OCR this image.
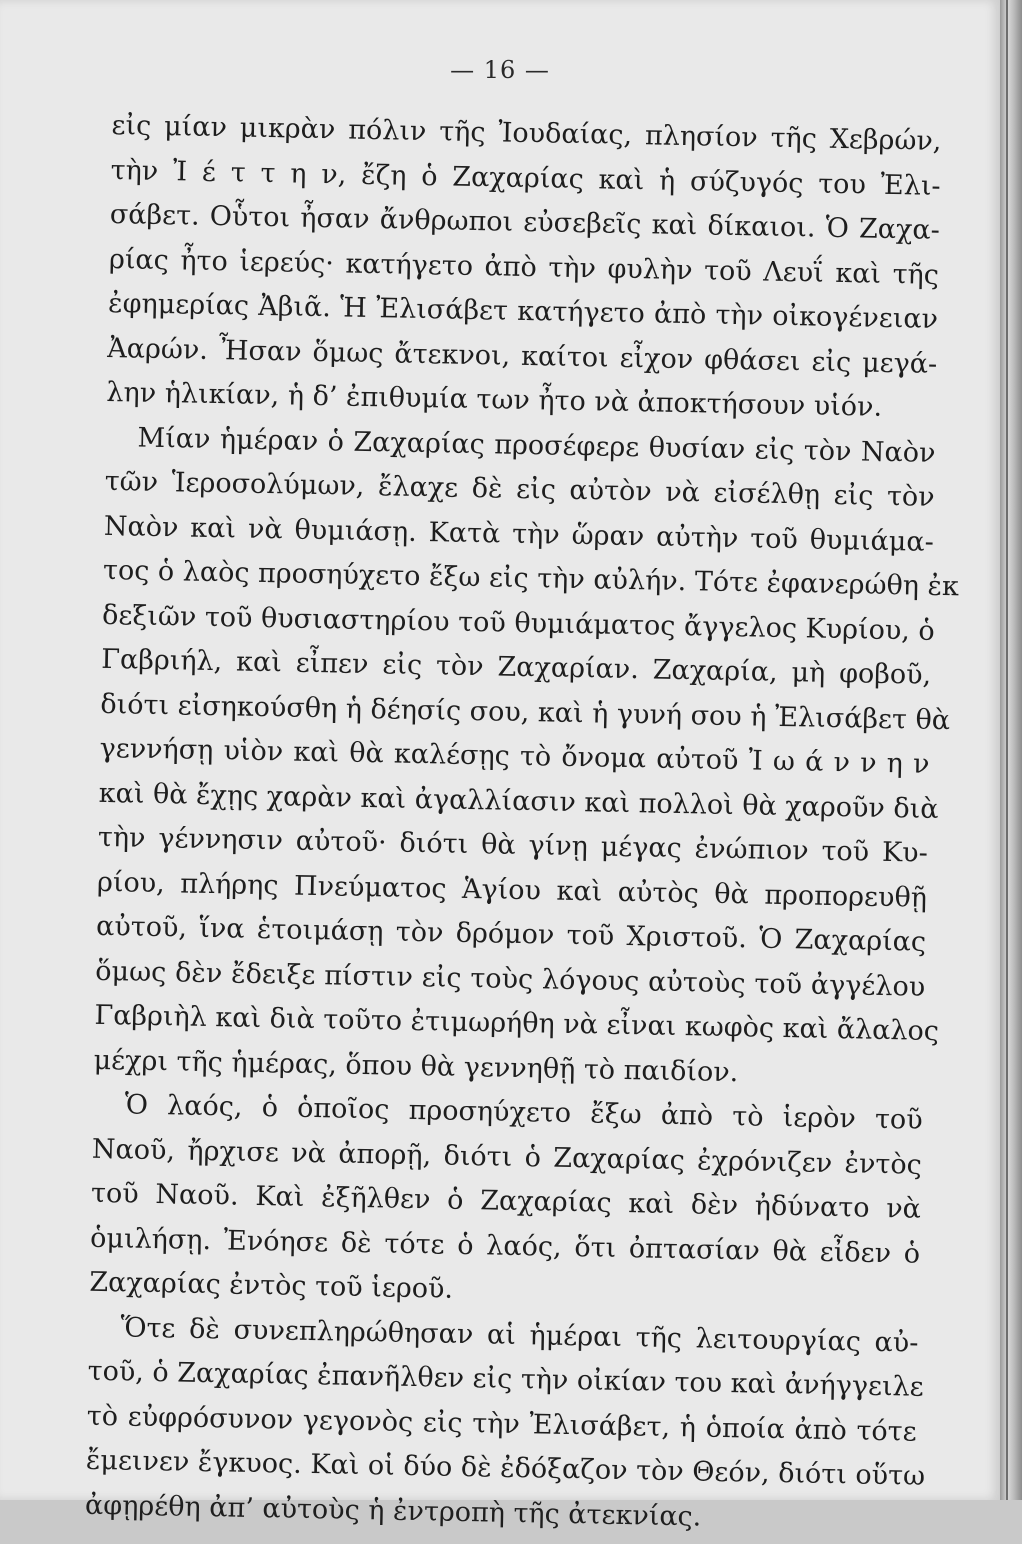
— 16 —
εἰς μίαν μικρὰν πόλιν τῆς Ἰουδαίας, πλησίον τῆς Χεβρών,
τὴν Ἰ έ τ τ η ν, ἔζη ὁ Ζαχαρίας καὶ ἡ σύζυγός του Ἐλι-
σάβετ. Οὗτοι ἦσαν ἄνθρωποι εὐσεβεῖς καὶ δίκαιοι. Ὁ Ζαχα-
ρίας ἦτο ἱερεύς· κατήγετο ἀπὸ τὴν φυλὴν τοῦ Λευΐ καὶ τῆς
ἐφημερίας Ἀβιᾶ. Ἡ Ἐλισάβετ κατήγετο ἀπὸ τὴν οἰκογένειαν
Ἀαρών. Ἦσαν ὅμως ἄτεκνοι, καίτοι εἶχον φθάσει εἰς μεγά-
λην ἡλικίαν, ἡ δ’ ἐπιθυμία των ἦτο νὰ ἀποκτήσουν υἱόν.
Μίαν ἡμέραν ὁ Ζαχαρίας προσέφερε θυσίαν εἰς τὸν Ναὸν
τῶν Ἱεροσολύμων, ἔλαχε δὲ εἰς αὐτὸν νὰ εἰσέλθῃ εἰς τὸν
Ναὸν καὶ νὰ θυμιάσῃ. Κατὰ τὴν ὥραν αὐτὴν τοῦ θυμιάμα-
τος ὁ λαὸς προσηύχετο ἔξω εἰς τὴν αὐλήν. Τότε ἐφανερώθη ἐκ
δεξιῶν τοῦ θυσιαστηρίου τοῦ θυμιάματος ἄγγελος Κυρίου, ὁ
Γαβριήλ, καὶ εἶπεν εἰς τὸν Ζαχαρίαν. Ζαχαρία, μὴ φοβοῦ,
διότι εἰσηκούσθη ἡ δέησίς σου, καὶ ἡ γυνή σου ἡ Ἐλισάβετ θὰ
γεννήσῃ υἱὸν καὶ θὰ καλέσῃς τὸ ὄνομα αὐτοῦ Ἰ ω ά ν ν η ν
καὶ θὰ ἔχῃς χαρὰν καὶ ἀγαλλίασιν καὶ πολλοὶ θὰ χαροῦν διὰ
τὴν γέννησιν αὐτοῦ· διότι θὰ γίνῃ μέγας ἐνώπιον τοῦ Κυ-
ρίου, πλήρης Πνεύματος Ἁγίου καὶ αὐτὸς θὰ προπορευθῇ
αὐτοῦ, ἵνα ἑτοιμάσῃ τὸν δρόμον τοῦ Χριστοῦ. Ὁ Ζαχαρίας
ὅμως δὲν ἔδειξε πίστιν εἰς τοὺς λόγους αὐτοὺς τοῦ ἀγγέλου
Γαβριὴλ καὶ διὰ τοῦτο ἐτιμωρήθη νὰ εἶναι κωφὸς καὶ ἄλαλος
μέχρι τῆς ἡμέρας, ὅπου θὰ γεννηθῇ τὸ παιδίον.
Ὁ λαός, ὁ ὁποῖος προσηύχετο ἔξω ἀπὸ τὸ ἱερὸν τοῦ
Ναοῦ, ἤρχισε νὰ ἀπορῇ, διότι ὁ Ζαχαρίας ἐχρόνιζεν ἐντὸς
τοῦ Ναοῦ. Καὶ ἐξῆλθεν ὁ Ζαχαρίας καὶ δὲν ἠδύνατο νὰ
ὁμιλήσῃ. Ἐνόησε δὲ τότε ὁ λαός, ὅτι ὀπτασίαν θὰ εἶδεν ὁ
Ζαχαρίας ἐντὸς τοῦ ἱεροῦ.
Ὅτε δὲ συνεπληρώθησαν αἱ ἡμέραι τῆς λειτουργίας αὐ-
τοῦ, ὁ Ζαχαρίας ἐπανῆλθεν εἰς τὴν οἰκίαν του καὶ ἀνήγγειλε
τὸ εὐφρόσυνον γεγονὸς εἰς τὴν Ἐλισάβετ, ἡ ὁποία ἀπὸ τότε
ἔμεινεν ἔγκυος. Καὶ οἱ δύο δὲ ἐδόξαζον τὸν Θεόν, διότι οὕτω
ἀφῃρέθη ἀπ’ αὐτοὺς ἡ ἐντροπὴ τῆς ἀτεκνίας.
